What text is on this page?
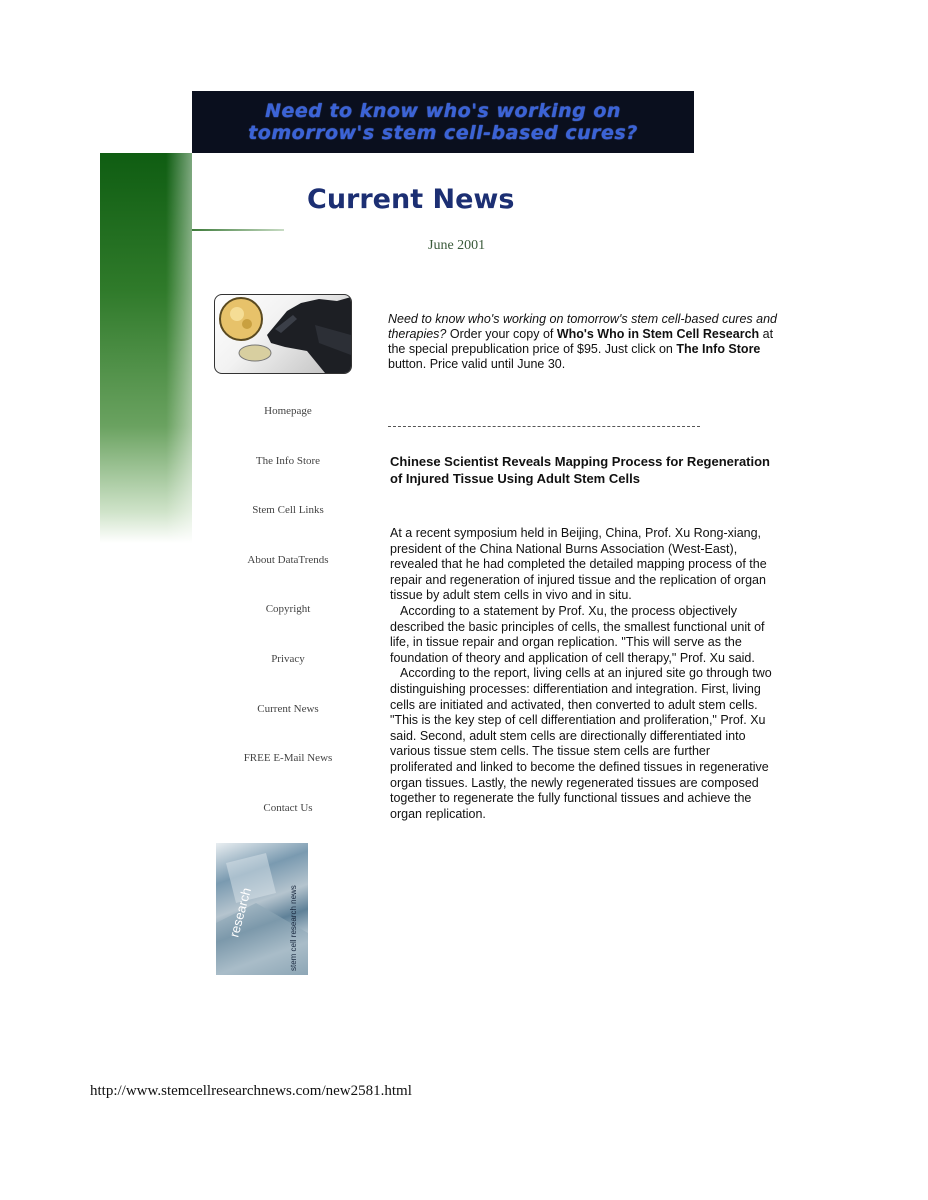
Need to know who's working on
tomorrow's stem cell-based cures?
Current News
June 2001
Homepage
The Info Store
Stem Cell Links
About DataTrends
Copyright
Privacy
Current News
FREE E-Mail News
Contact Us
Need to know who's working on tomorrow's stem cell-based cures and therapies? Order your copy of Who's Who in Stem Cell Research at the special prepublication price of $95. Just click on The Info Store button. Price valid until June 30.
Chinese Scientist Reveals Mapping Process for Regeneration of Injured Tissue Using Adult Stem Cells

At a recent symposium held in Beijing, China, Prof. Xu Rong-xiang, president of the China National Burns Association (West-East), revealed that he had completed the detailed mapping process of the repair and regeneration of injured tissue and the replication of organ tissue by adult stem cells in vivo and in situ.

According to a statement by Prof. Xu, the process objectively described the basic principles of cells, the smallest functional unit of life, in tissue repair and organ replication. "This will serve as the foundation of theory and application of cell therapy," Prof. Xu said.

According to the report, living cells at an injured site go through two distinguishing processes: differentiation and integration. First, living cells are initiated and activated, then converted to adult stem cells. "This is the key step of cell differentiation and proliferation," Prof. Xu said. Second, adult stem cells are directionally differentiated into various tissue stem cells. The tissue stem cells are further proliferated and linked to become the defined tissues in regenerative organ tissues. Lastly, the newly regenerated tissues are composed together to regenerate the fully functional tissues and achieve the organ replication.

research	stem cell research news
http://www.stemcellresearchnews.com/new2581.html
